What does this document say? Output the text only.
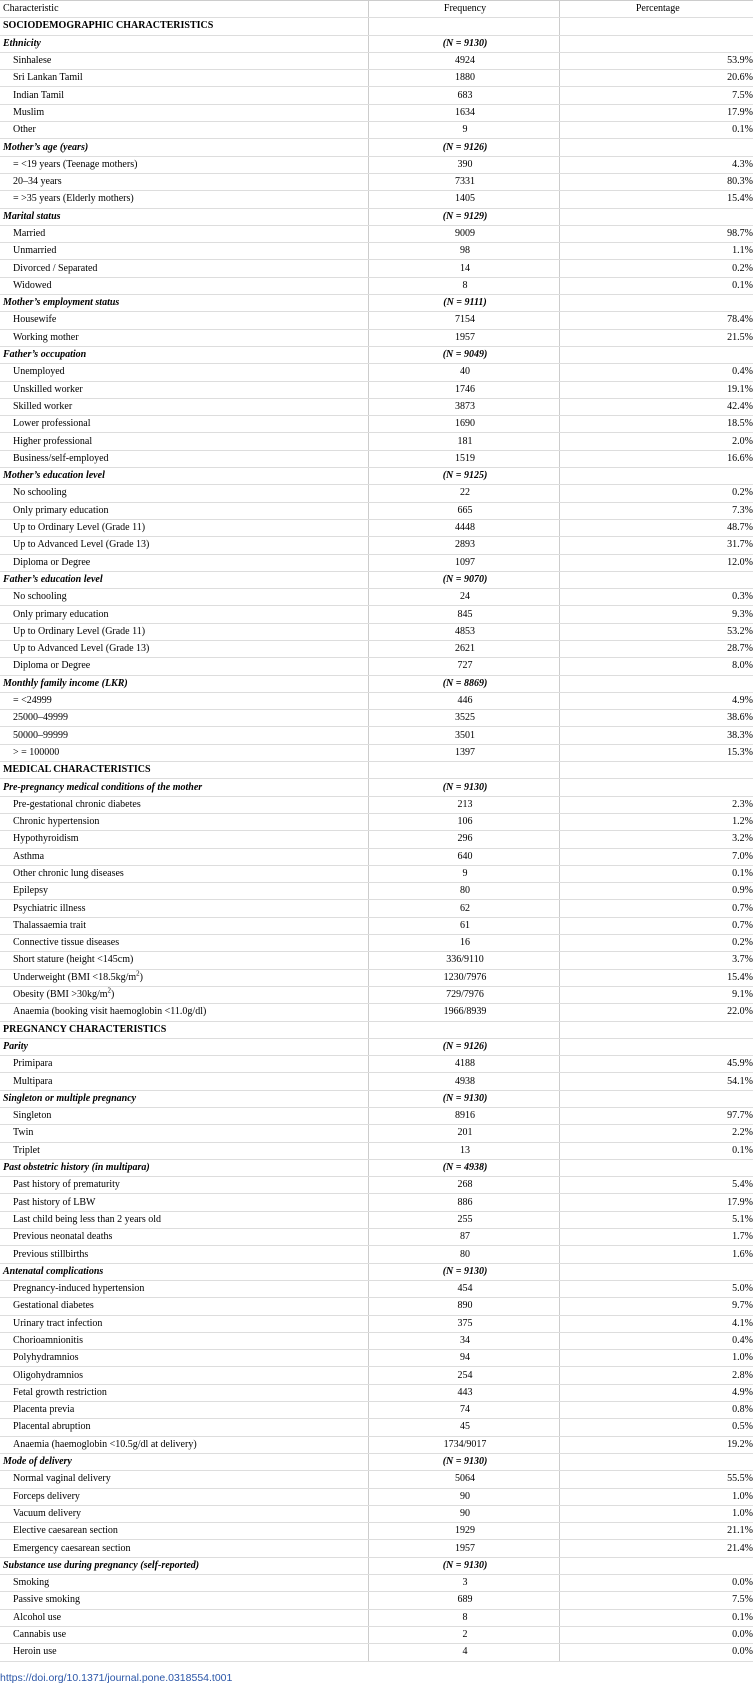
Characteristic	Frequency	Percentage
SOCIODEMOGRAPHIC CHARACTERISTICS		
Ethnicity	(N = 9130)	
Sinhalese	4924	53.9%
Sri Lankan Tamil	1880	20.6%
Indian Tamil	683	7.5%
Muslim	1634	17.9%
Other	9	0.1%
Mother’s age (years)	(N = 9126)	
= <19 years (Teenage mothers)	390	4.3%
20–34 years	7331	80.3%
= >35 years (Elderly mothers)	1405	15.4%
Marital status	(N = 9129)	
Married	9009	98.7%
Unmarried	98	1.1%
Divorced / Separated	14	0.2%
Widowed	8	0.1%
Mother’s employment status	(N = 9111)	
Housewife	7154	78.4%
Working mother	1957	21.5%
Father’s occupation	(N = 9049)	
Unemployed	40	0.4%
Unskilled worker	1746	19.1%
Skilled worker	3873	42.4%
Lower professional	1690	18.5%
Higher professional	181	2.0%
Business/self-employed	1519	16.6%
Mother’s education level	(N = 9125)	
No schooling	22	0.2%
Only primary education	665	7.3%
Up to Ordinary Level (Grade 11)	4448	48.7%
Up to Advanced Level (Grade 13)	2893	31.7%
Diploma or Degree	1097	12.0%
Father’s education level	(N = 9070)	
No schooling	24	0.3%
Only primary education	845	9.3%
Up to Ordinary Level (Grade 11)	4853	53.2%
Up to Advanced Level (Grade 13)	2621	28.7%
Diploma or Degree	727	8.0%
Monthly family income (LKR)	(N = 8869)	
= <24999	446	4.9%
25000–49999	3525	38.6%
50000–99999	3501	38.3%
> = 100000	1397	15.3%
MEDICAL CHARACTERISTICS		
Pre-pregnancy medical conditions of the mother	(N = 9130)	
Pre-gestational chronic diabetes	213	2.3%
Chronic hypertension	106	1.2%
Hypothyroidism	296	3.2%
Asthma	640	7.0%
Other chronic lung diseases	9	0.1%
Epilepsy	80	0.9%
Psychiatric illness	62	0.7%
Thalassaemia trait	61	0.7%
Connective tissue diseases	16	0.2%
Short stature (height <145cm)	336/9110	3.7%
Underweight $(BMI <18.5kg/m^2)$	1230/7976	15.4%
Obesity $(BMI >30kg/m^2)$	729/7976	9.1%
Anaemia (booking visit haemoglobin <11.0g/dl)	1966/8939	22.0%
PREGNANCY CHARACTERISTICS		
Parity	(N = 9126)	
Primipara	4188	45.9%
Multipara	4938	54.1%
Singleton or multiple pregnancy	(N = 9130)	
Singleton	8916	97.7%
Twin	201	2.2%
Triplet	13	0.1%
Past obstetric history (in multipara)	(N = 4938)	
Past history of prematurity	268	5.4%
Past history of LBW	886	17.9%
Last child being less than 2 years old	255	5.1%
Previous neonatal deaths	87	1.7%
Previous stillbirths	80	1.6%
Antenatal complications	(N = 9130)	
Pregnancy-induced hypertension	454	5.0%
Gestational diabetes	890	9.7%
Urinary tract infection	375	4.1%
Chorioamnionitis	34	0.4%
Polyhydramnios	94	1.0%
Oligohydramnios	254	2.8%
Fetal growth restriction	443	4.9%
Placenta previa	74	0.8%
Placental abruption	45	0.5%
Anaemia (haemoglobin <10.5g/dl at delivery)	1734/9017	19.2%
Mode of delivery	(N = 9130)	
Normal vaginal delivery	5064	55.5%
Forceps delivery	90	1.0%
Vacuum delivery	90	1.0%
Elective caesarean section	1929	21.1%
Emergency caesarean section	1957	21.4%
Substance use during pregnancy (self-reported)	(N = 9130)	
Smoking	3	0.0%
Passive smoking	689	7.5%
Alcohol use	8	0.1%
Cannabis use	2	0.0%
Heroin use	4	0.0%
https://doi.org/10.1371/journal.pone.0318554.t001
